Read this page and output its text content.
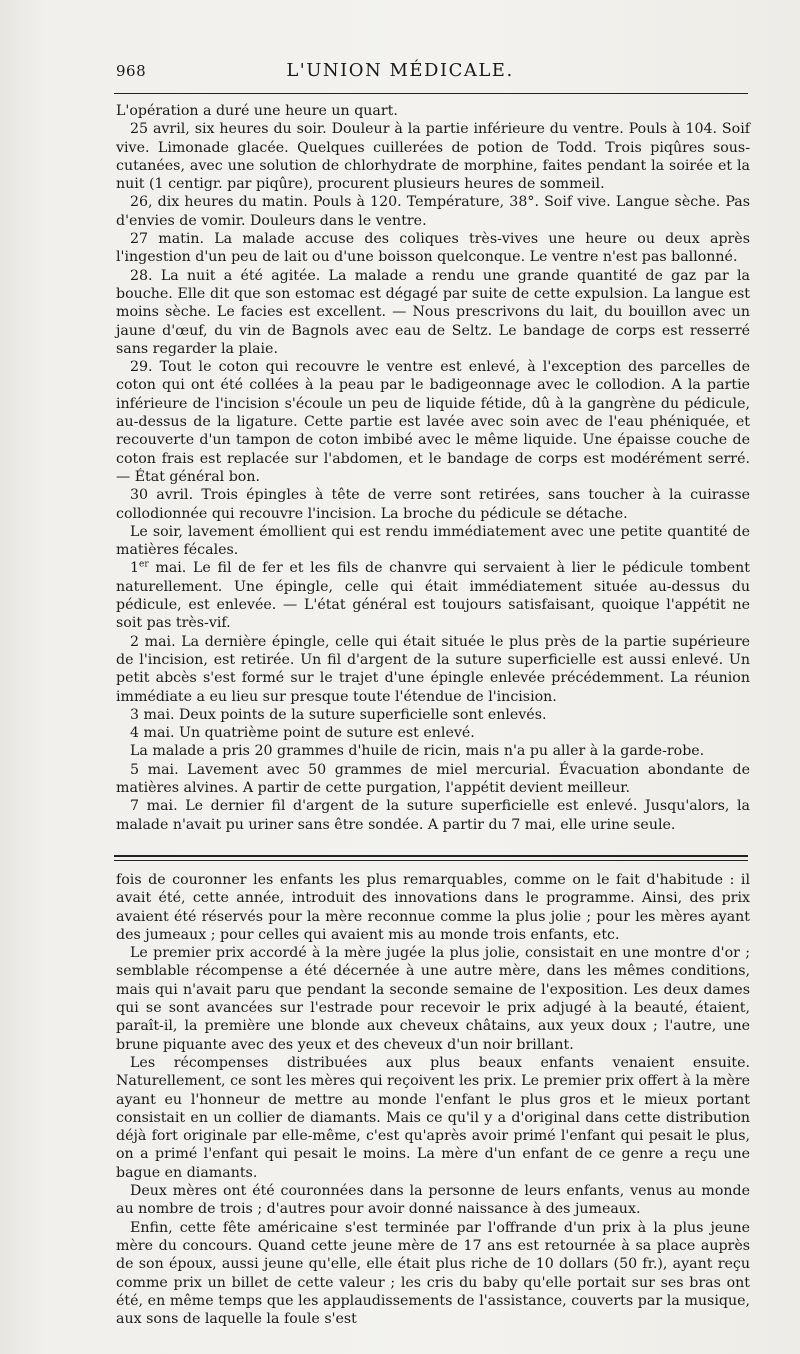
968	L'UNION MÉDICALE.

L'opération a duré une heure un quart.

25 avril, six heures du soir. Douleur à la partie inférieure du ventre. Pouls à 104. Soif vive. Limonade glacée. Quelques cuillerées de potion de Todd. Trois piqûres sous-cutanées, avec une solution de chlorhydrate de morphine, faites pendant la soirée et la nuit (1 centigr. par piqûre), procurent plusieurs heures de sommeil.

26, dix heures du matin. Pouls à 120. Température, 38°. Soif vive. Langue sèche. Pas d'envies de vomir. Douleurs dans le ventre.

27 matin. La malade accuse des coliques très-vives une heure ou deux après l'ingestion d'un peu de lait ou d'une boisson quelconque. Le ventre n'est pas ballonné.

28. La nuit a été agitée. La malade a rendu une grande quantité de gaz par la bouche. Elle dit que son estomac est dégagé par suite de cette expulsion. La langue est moins sèche. Le facies est excellent. — Nous prescrivons du lait, du bouillon avec un jaune d'œuf, du vin de Bagnols avec eau de Seltz. Le bandage de corps est resserré sans regarder la plaie.

29. Tout le coton qui recouvre le ventre est enlevé, à l'exception des parcelles de coton qui ont été collées à la peau par le badigeonnage avec le collodion. A la partie inférieure de l'incision s'écoule un peu de liquide fétide, dû à la gangrène du pédicule, au-dessus de la ligature. Cette partie est lavée avec soin avec de l'eau phéniquée, et recouverte d'un tampon de coton imbibé avec le même liquide. Une épaisse couche de coton frais est replacée sur l'abdomen, et le bandage de corps est modérément serré. — État général bon.

30 avril. Trois épingles à tête de verre sont retirées, sans toucher à la cuirasse collodionnée qui recouvre l'incision. La broche du pédicule se détache.

Le soir, lavement émollient qui est rendu immédiatement avec une petite quantité de matières fécales.

1er mai. Le fil de fer et les fils de chanvre qui servaient à lier le pédicule tombent naturellement. Une épingle, celle qui était immédiatement située au-dessus du pédicule, est enlevée. — L'état général est toujours satisfaisant, quoique l'appétit ne soit pas très-vif.

2 mai. La dernière épingle, celle qui était située le plus près de la partie supérieure de l'incision, est retirée. Un fil d'argent de la suture superficielle est aussi enlevé. Un petit abcès s'est formé sur le trajet d'une épingle enlevée précédemment. La réunion immédiate a eu lieu sur presque toute l'étendue de l'incision.

3 mai. Deux points de la suture superficielle sont enlevés.

4 mai. Un quatrième point de suture est enlevé.

La malade a pris 20 grammes d'huile de ricin, mais n'a pu aller à la garde-robe.

5 mai. Lavement avec 50 grammes de miel mercurial. Évacuation abondante de matières alvines. A partir de cette purgation, l'appétit devient meilleur.

7 mai. Le dernier fil d'argent de la suture superficielle est enlevé. Jusqu'alors, la malade n'avait pu uriner sans être sondée. A partir du 7 mai, elle urine seule.

fois de couronner les enfants les plus remarquables, comme on le fait d'habitude : il avait été, cette année, introduit des innovations dans le programme. Ainsi, des prix avaient été réservés pour la mère reconnue comme la plus jolie ; pour les mères ayant des jumeaux ; pour celles qui avaient mis au monde trois enfants, etc.

Le premier prix accordé à la mère jugée la plus jolie, consistait en une montre d'or ; semblable récompense a été décernée à une autre mère, dans les mêmes conditions, mais qui n'avait paru que pendant la seconde semaine de l'exposition. Les deux dames qui se sont avancées sur l'estrade pour recevoir le prix adjugé à la beauté, étaient, paraît-il, la première une blonde aux cheveux châtains, aux yeux doux ; l'autre, une brune piquante avec des yeux et des cheveux d'un noir brillant.

Les récompenses distribuées aux plus beaux enfants venaient ensuite. Naturellement, ce sont les mères qui reçoivent les prix. Le premier prix offert à la mère ayant eu l'honneur de mettre au monde l'enfant le plus gros et le mieux portant consistait en un collier de diamants. Mais ce qu'il y a d'original dans cette distribution déjà fort originale par elle-même, c'est qu'après avoir primé l'enfant qui pesait le plus, on a primé l'enfant qui pesait le moins. La mère d'un enfant de ce genre a reçu une bague en diamants.

Deux mères ont été couronnées dans la personne de leurs enfants, venus au monde au nombre de trois ; d'autres pour avoir donné naissance à des jumeaux.

Enfin, cette fête américaine s'est terminée par l'offrande d'un prix à la plus jeune mère du concours. Quand cette jeune mère de 17 ans est retournée à sa place auprès de son époux, aussi jeune qu'elle, elle était plus riche de 10 dollars (50 fr.), ayant reçu comme prix un billet de cette valeur ; les cris du baby qu'elle portait sur ses bras ont été, en même temps que les applaudissements de l'assistance, couverts par la musique, aux sons de laquelle la foule s'est
